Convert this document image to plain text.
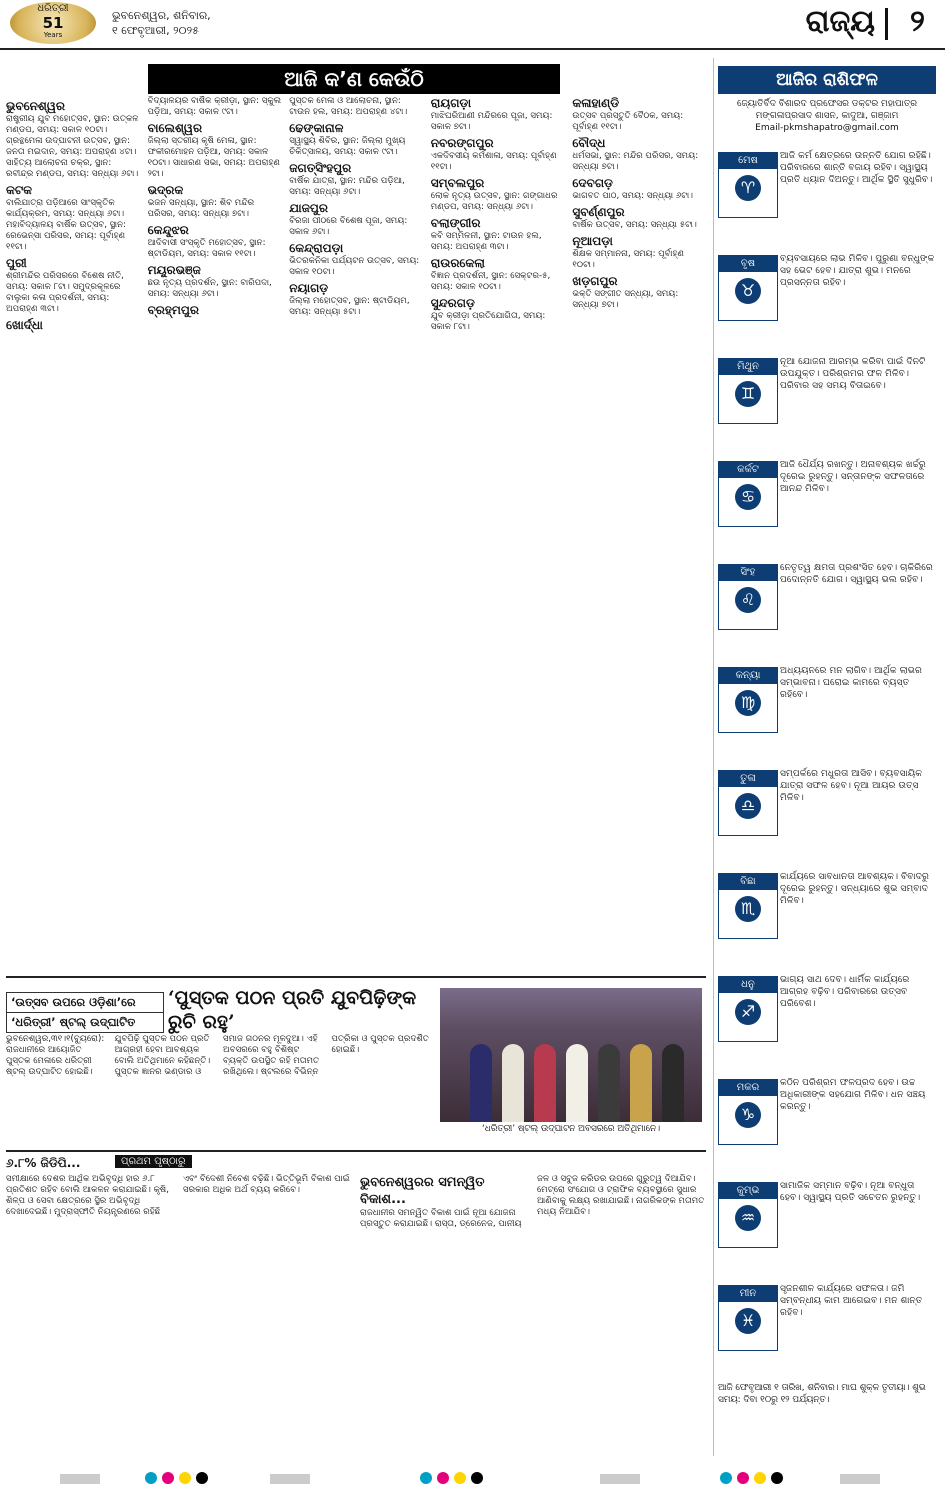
ଧରିତ୍ରୀ
51
Years
ଭୁବନେଶ୍ୱର, ଶନିବାର,
୧ ଫେବୃଆରୀ, ୨୦୨୫	ରାଜ୍ୟ ୨
ଆଜି କ’ଣ କେଉଁଠି
ଭୁବନେଶ୍ୱର

ରାଷ୍ଟ୍ରୀୟ ଯୁବ ମହୋତ୍ସବ, ସ୍ଥାନ: ଉତ୍କଳ ମଣ୍ଡପ, ସମୟ: ସକାଳ ୧୦ଟା। ଗ୍ରନ୍ଥମେଳା ଉଦ୍‌ଘାଟନୀ ଉତ୍ସବ, ସ୍ଥାନ: ଜନତା ମଇଦାନ, ସମୟ: ଅପରାହ୍ଣ ୪ଟା। ସାହିତ୍ୟ ଆଲୋଚନା ଚକ୍ର, ସ୍ଥାନ: ରବୀନ୍ଦ୍ର ମଣ୍ଡପ, ସମୟ: ସନ୍ଧ୍ୟା ୬ଟା।

କଟକ

ବାଲିଯାତ୍ରା ପଡ଼ିଆରେ ସାଂସ୍କୃତିକ କାର୍ଯ୍ୟକ୍ରମ, ସମୟ: ସନ୍ଧ୍ୟା ୬ଟା। ମହାବିଦ୍ୟାଳୟ ବାର୍ଷିକ ଉତ୍ସବ, ସ୍ଥାନ: ରେଭେନ୍ସା ପରିସର, ସମୟ: ପୂର୍ବାହ୍ଣ ୧୧ଟା।

ପୁରୀ

ଶ୍ରୀମନ୍ଦିର ପରିସରରେ ବିଶେଷ ନୀତି, ସମୟ: ସକାଳ ୮ଟା। ସମୁଦ୍ରକୂଳରେ ବାଲୁକା କଳା ପ୍ରଦର୍ଶନୀ, ସମୟ: ଅପରାହ୍ଣ ୩ଟା।

ଖୋର୍ଦ୍ଧା

ବିଦ୍ୟାଳୟର ବାର୍ଷିକ କ୍ରୀଡ଼ା, ସ୍ଥାନ: ସ୍କୁଲ ପଡ଼ିଆ, ସମୟ: ସକାଳ ୯ଟା।

ବାଲେଶ୍ୱର

ଜିଲ୍ଲା ସ୍ତରୀୟ କୃଷି ମେଳା, ସ୍ଥାନ: ଫକୀରମୋହନ ପଡ଼ିଆ, ସମୟ: ସକାଳ ୧୦ଟା। ସାଧାରଣ ସଭା, ସମୟ: ଅପରାହ୍ଣ ୨ଟା।

ଭଦ୍ରକ

ଭଜନ ସନ୍ଧ୍ୟା, ସ୍ଥାନ: ଶିବ ମନ୍ଦିର ପରିସର, ସମୟ: ସନ୍ଧ୍ୟା ୭ଟା।

କେନ୍ଦୁଝର

ଆଦିବାସୀ ସଂସ୍କୃତି ମହୋତ୍ସବ, ସ୍ଥାନ: ଷ୍ଟାଡିୟମ, ସମୟ: ସକାଳ ୧୧ଟା।

ମୟୂରଭଞ୍ଜ

ଛଉ ନୃତ୍ୟ ପ୍ରଦର୍ଶନ, ସ୍ଥାନ: ବାରିପଦା, ସମୟ: ସନ୍ଧ୍ୟା ୬ଟା।

ବ୍ରହ୍ମପୁର

ପୁସ୍ତକ ମେଳା ଓ ଆଲୋଚନା, ସ୍ଥାନ: ଟାଉନ ହଲ, ସମୟ: ଅପରାହ୍ଣ ୪ଟା।

ଢେଙ୍କାନାଳ

ସ୍ୱାସ୍ଥ୍ୟ ଶିବିର, ସ୍ଥାନ: ଜିଲ୍ଲା ମୁଖ୍ୟ ଚିକିତ୍ସାଳୟ, ସମୟ: ସକାଳ ୯ଟା।

ଜଗତ୍‌ସିଂହପୁର

ବାର୍ଷିକ ଯାତ୍ରା, ସ୍ଥାନ: ମନ୍ଦିର ପଡ଼ିଆ, ସମୟ: ସନ୍ଧ୍ୟା ୬ଟା।

ଯାଜପୁର

ବିରଜା ପୀଠରେ ବିଶେଷ ପୂଜା, ସମୟ: ସକାଳ ୬ଟା।

କେନ୍ଦ୍ରାପଡ଼ା

ଭିତରକନିକା ପର୍ଯ୍ୟଟନ ଉତ୍ସବ, ସମୟ: ସକାଳ ୧୦ଟା।

ନୟାଗଡ଼

ଜିଲ୍ଲା ମହୋତ୍ସବ, ସ୍ଥାନ: ଷ୍ଟାଡିୟମ, ସମୟ: ସନ୍ଧ୍ୟା ୫ଟା।

ରାୟଗଡ଼ା

ମାଝିଘରିଆଣୀ ମନ୍ଦିରରେ ପୂଜା, ସମୟ: ସକାଳ ୭ଟା।

ନବରଙ୍ଗପୁର

ଏକଦିବସୀୟ କର୍ମଶାଳା, ସମୟ: ପୂର୍ବାହ୍ଣ ୧୧ଟା।

ସମ୍ବଲପୁର

ଲୋକ ନୃତ୍ୟ ଉତ୍ସବ, ସ୍ଥାନ: ଗଙ୍ଗାଧର ମଣ୍ଡପ, ସମୟ: ସନ୍ଧ୍ୟା ୬ଟା।

ବଲାଙ୍ଗୀର

କବି ସମ୍ମିଳନୀ, ସ୍ଥାନ: ଟାଉନ ହଲ, ସମୟ: ଅପରାହ୍ଣ ୩ଟା।

ରାଉରକେଲା

ବିଜ୍ଞାନ ପ୍ରଦର୍ଶନୀ, ସ୍ଥାନ: ସେକ୍ଟର-୫, ସମୟ: ସକାଳ ୧୦ଟା।

ସୁନ୍ଦରଗଡ଼

ଯୁବ କ୍ରୀଡ଼ା ପ୍ରତିଯୋଗିତା, ସମୟ: ସକାଳ ୮ଟା।

କଳାହାଣ୍ଡି

ଉତ୍ସବ ପ୍ରସ୍ତୁତି ବୈଠକ, ସମୟ: ପୂର୍ବାହ୍ଣ ୧୧ଟା।

ବୌଦ୍ଧ

ଧର୍ମସଭା, ସ୍ଥାନ: ମନ୍ଦିର ପରିସର, ସମୟ: ସନ୍ଧ୍ୟା ୭ଟା।

ଦେବଗଡ଼

ଭାଗବତ ପାଠ, ସମୟ: ସନ୍ଧ୍ୟା ୬ଟା।

ସୁବର୍ଣ୍ଣପୁର

ବାର୍ଷିକ ଉତ୍ସବ, ସମୟ: ସନ୍ଧ୍ୟା ୫ଟା।

ନୂଆପଡ଼ା

ଶିକ୍ଷକ ସମ୍ମାନନା, ସମୟ: ପୂର୍ବାହ୍ଣ ୧୦ଟା।

ଖଡ଼ଗପୁର

ଭକ୍ତି ସଙ୍ଗୀତ ସନ୍ଧ୍ୟା, ସମୟ: ସନ୍ଧ୍ୟା ୭ଟା।

ଆଜିର ରାଶିଫଳ
ଜ୍ୟୋତିର୍ବିଦ ବିଶାରଦ ପ୍ରଫେସର ଡକ୍ଟର ମହାପାତ୍ର
ମଙ୍ଗଳାପ୍ରସାଦ ଶାସନ, କାଦୁଆ, ଗଞ୍ଜାମ
Email-pkmshapatro@gmail.com
ମେଷ
♈
ଆଜି କର୍ମ କ୍ଷେତ୍ରରେ ଉନ୍ନତି ଯୋଗ ରହିଛି। ପରିବାରରେ ଶାନ୍ତି ବଜାୟ ରହିବ। ସ୍ୱାସ୍ଥ୍ୟ ପ୍ରତି ଧ୍ୟାନ ଦିଅନ୍ତୁ। ଆର୍ଥିକ ସ୍ଥିତି ସୁଧୁରିବ।
ବୃଷ
♉
ବ୍ୟବସାୟରେ ଲାଭ ମିଳିବ। ପୁରୁଣା ବନ୍ଧୁଙ୍କ ସହ ଭେଟ ହେବ। ଯାତ୍ରା ଶୁଭ। ମନରେ ପ୍ରସନ୍ନତା ରହିବ।
ମିଥୁନ
♊
ନୂଆ ଯୋଜନା ଆରମ୍ଭ କରିବା ପାଇଁ ଦିନଟି ଉପଯୁକ୍ତ। ପରିଶ୍ରମର ଫଳ ମିଳିବ। ପରିବାର ସହ ସମୟ ବିତାଇବେ।
କର୍କଟ
♋
ଆଜି ଧୈର୍ଯ୍ୟ ରଖନ୍ତୁ। ଅନାବଶ୍ୟକ ଖର୍ଚ୍ଚରୁ ଦୂରେଇ ରୁହନ୍ତୁ। ସନ୍ତାନଙ୍କ ସଫଳତାରେ ଆନନ୍ଦ ମିଳିବ।
ସିଂହ
♌
ନେତୃତ୍ୱ କ୍ଷମତା ପ୍ରଶଂସିତ ହେବ। ଚାକିରିରେ ପଦୋନ୍ନତି ଯୋଗ। ସ୍ୱାସ୍ଥ୍ୟ ଭଲ ରହିବ।
କନ୍ୟା
♍
ଅଧ୍ୟୟନରେ ମନ ଲାଗିବ। ଆର୍ଥିକ ଲାଭର ସମ୍ଭାବନା। ଘରୋଇ କାମରେ ବ୍ୟସ୍ତ ରହିବେ।
ତୁଳା
♎
ସମ୍ପର୍କରେ ମଧୁରତା ଆସିବ। ବ୍ୟବସାୟିକ ଯାତ୍ରା ସଫଳ ହେବ। ନୂଆ ଆୟର ଉତ୍ସ ମିଳିବ।
ବିଛା
♏
କାର୍ଯ୍ୟରେ ସାବଧାନତା ଆବଶ୍ୟକ। ବିବାଦରୁ ଦୂରେଇ ରୁହନ୍ତୁ। ସନ୍ଧ୍ୟାରେ ଶୁଭ ସମ୍ବାଦ ମିଳିବ।
ଧନୁ
♐
ଭାଗ୍ୟ ସାଥ ଦେବ। ଧାର୍ମିକ କାର୍ଯ୍ୟରେ ଆଗ୍ରହ ବଢ଼ିବ। ପରିବାରରେ ଉତ୍ସବ ପରିବେଶ।
ମକର
♑
କଠିନ ପରିଶ୍ରମ ଫଳପ୍ରଦ ହେବ। ଉଚ୍ଚ ଅଧିକାରୀଙ୍କ ସହଯୋଗ ମିଳିବ। ଧନ ସଞ୍ଚୟ କରନ୍ତୁ।
କୁମ୍ଭ
♒
ସାମାଜିକ ସମ୍ମାନ ବଢ଼ିବ। ନୂଆ ବନ୍ଧୁତା ହେବ। ସ୍ୱାସ୍ଥ୍ୟ ପ୍ରତି ସଚେତନ ରୁହନ୍ତୁ।
ମୀନ
♓
ସୃଜନଶୀଳ କାର୍ଯ୍ୟରେ ସଫଳତା। ଜମି ସମ୍ବନ୍ଧୀୟ କାମ ଆଗେଇବ। ମନ ଶାନ୍ତ ରହିବ।
ଆଜି ଫେବୃଆରୀ ୧ ତାରିଖ, ଶନିବାର। ମାଘ ଶୁକ୍ଳ ତୃତୀୟା। ଶୁଭ ସମୟ: ଦିବା ୧୦ରୁ ୧୨ ପର୍ଯ୍ୟନ୍ତ।
‘ଉତ୍ସବ ଉପରେ ଓଡ଼ିଶା’ରେ
‘ଧରିତ୍ରୀ’ ଷ୍ଟଲ୍ ଉଦ୍‌ଘାଟିତ
‘ପୁସ୍ତକ ପଠନ ପ୍ରତି ଯୁବପିଢ଼ିଙ୍କ ରୁଚି ରହୁ’
ଭୁବନେଶ୍ୱର,୩୧।୧(ବ୍ୟୁରୋ): ରାଜଧାନୀରେ ଆୟୋଜିତ ପୁସ୍ତକ ମେଳାରେ ଧରିତ୍ରୀ ଷ୍ଟଲ୍ ଉଦ୍‌ଘାଟିତ ହୋଇଛି। ଯୁବପିଢ଼ି ପୁସ୍ତକ ପଠନ ପ୍ରତି ଆଗ୍ରହୀ ହେବା ଆବଶ୍ୟକ ବୋଲି ଅତିଥିମାନେ କହିଛନ୍ତି। ପୁସ୍ତକ ଜ୍ଞାନର ଭଣ୍ଡାର ଓ ସମାଜ ଗଠନର ମୂଳଦୁଆ। ଏହି ଅବସରରେ ବହୁ ବିଶିଷ୍ଟ ବ୍ୟକ୍ତି ଉପସ୍ଥିତ ରହି ମତାମତ ରଖିଥିଲେ। ଷ୍ଟଲରେ ବିଭିନ୍ନ ପତ୍ରିକା ଓ ପୁସ୍ତକ ପ୍ରଦର୍ଶିତ ହୋଇଛି।
‘ଧରିତ୍ରୀ’ ଷ୍ଟଲ୍ ଉଦ୍‌ଘାଟନ ଅବସରରେ ଅତିଥିମାନେ।
୬.୮% ଜିଡିପି...	ପ୍ରଥମ ପୃଷ୍ଠାରୁ

ସମୀକ୍ଷାରେ ଦେଶର ଆର୍ଥିକ ଅଭିବୃଦ୍ଧି ହାର ୬.୮ ପ୍ରତିଶତ ରହିବ ବୋଲି ଆକଳନ କରାଯାଇଛି। କୃଷି, ଶିଳ୍ପ ଓ ସେବା କ୍ଷେତ୍ରରେ ସ୍ଥିର ଅଭିବୃଦ୍ଧି ଦେଖାଦେଇଛି। ମୁଦ୍ରାସ୍ଫୀତି ନିୟନ୍ତ୍ରଣରେ ରହିଛି ଏବଂ ବିଦେଶୀ ନିବେଶ ବଢ଼ିଛି। ଭିତ୍ତିଭୂମି ବିକାଶ ପାଇଁ ସରକାର ଅଧିକ ଅର୍ଥ ବ୍ୟୟ କରିବେ।	ଭୁବନେଶ୍ୱରର ସମନ୍ୱିତ ବିକାଶ...

ରାଜଧାନୀର ସମନ୍ୱିତ ବିକାଶ ପାଇଁ ନୂଆ ଯୋଜନା ପ୍ରସ୍ତୁତ କରାଯାଇଛି। ରାସ୍ତା, ଡ୍ରେନେଜ, ପାନୀୟ ଜଳ ଓ ସବୁଜ କରିଡର ଉପରେ ଗୁରୁତ୍ୱ ଦିଆଯିବ। ମେଟ୍ରୋ ସଂଯୋଗ ଓ ଟ୍ରାଫିକ ବ୍ୟବସ୍ଥାରେ ସୁଧାର ଆଣିବାକୁ ଲକ୍ଷ୍ୟ ରଖାଯାଇଛି। ନାଗରିକଙ୍କ ମତାମତ ମଧ୍ୟ ନିଆଯିବ।
